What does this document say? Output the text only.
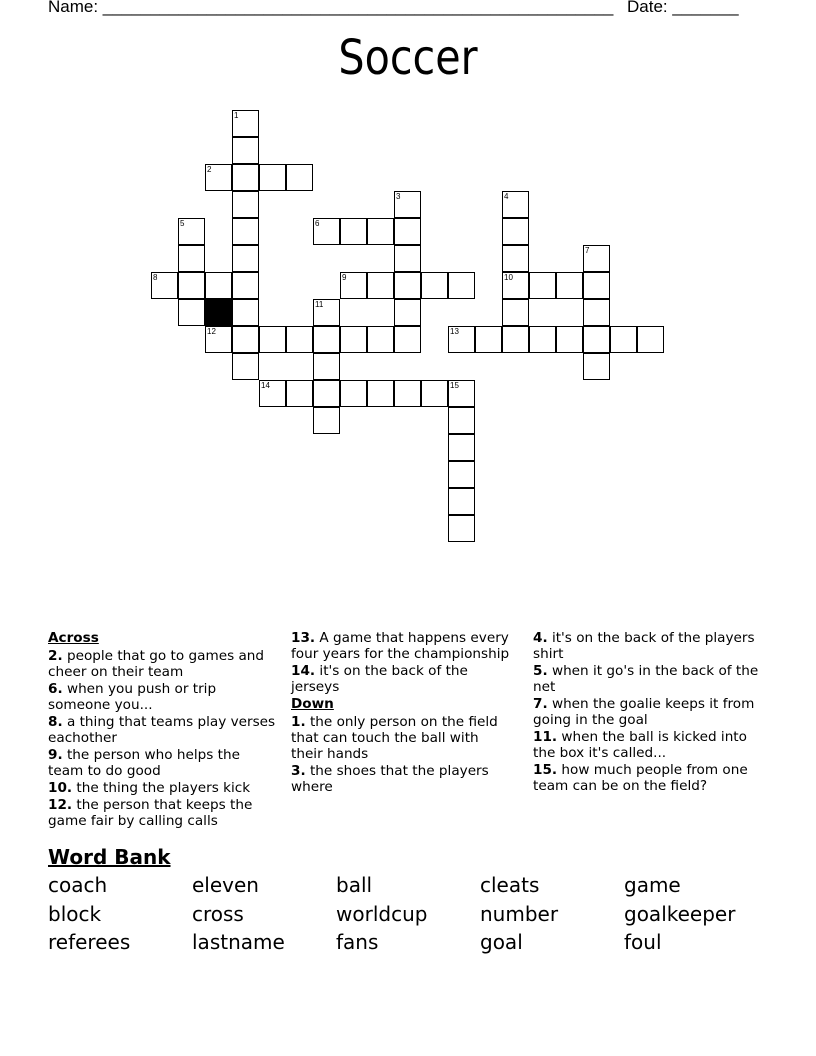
Name: ______________________________________________________ Date: _______
Soccer
1
2
3	4
10
5	6
7
8	9
11
12	13
14	15
Across
2. people that go to games and cheer on their team
6. when you push or trip someone you...
8. a thing that teams play verses eachother
9. the person who helps the team to do good
10. the thing the players kick
12. the person that keeps the game fair by calling calls
13. A game that happens every four years for the championship
14. it's on the back of the jerseys
Down
1. the only person on the field that can touch the ball with their hands
3. the shoes that the players where
4. it's on the back of the players shirt
5. when it go's in the back of the net
7. when the goalie keeps it from going in the goal
11. when the ball is kicked into the box it's called...
15. how much people from one team can be on the field?
Word Bank
coach	eleven	ball	cleats	game
block	cross	worldcup	number	goalkeeper
referees	lastname	fans	goal	foul
